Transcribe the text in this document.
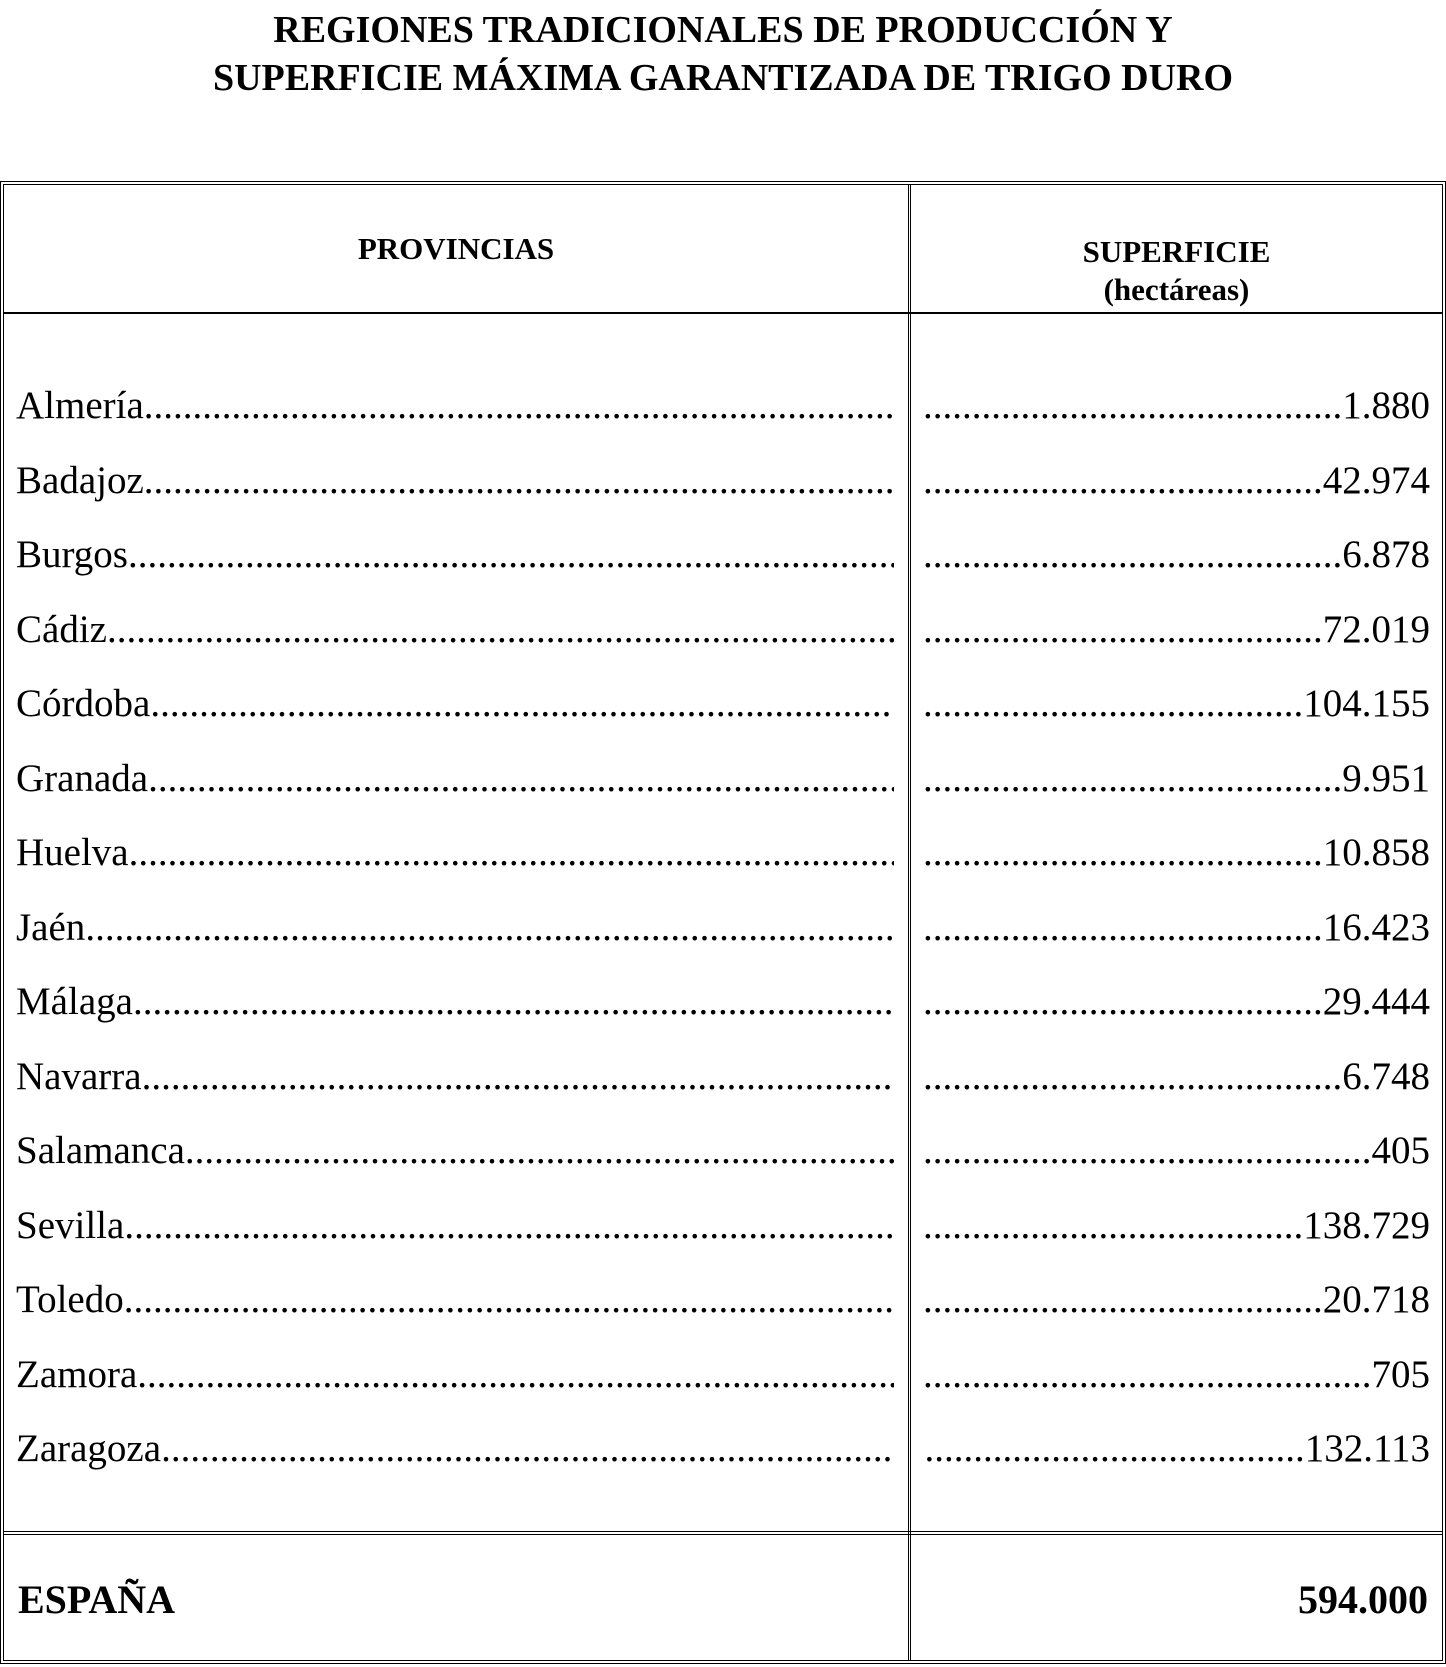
REGIONES TRADICIONALES DE PRODUCCIÓN Y
SUPERFICIE MÁXIMA GARANTIZADA DE TRIGO DURO
PROVINCIAS	SUPERFICIE
(hectáreas)
Almería ..... .....	1.880
Badajoz ..... .....	42.974
Burgos ..... .....	6.878
Cádiz ..... .....	72.019
Córdoba ..... .....	104.155
Granada ..... .....	9.951
Huelva ..... .....	10.858
Jaén ..... .....	16.423
Málaga ..... .....	29.444
Navarra ..... .....	6.748
Salamanca ..... .....	405
Sevilla ..... .....	138.729
Toledo ..... .....	20.718
Zamora ..... .....	705
Zaragoza ..... .....	132.113
ESPAÑA	594.000
